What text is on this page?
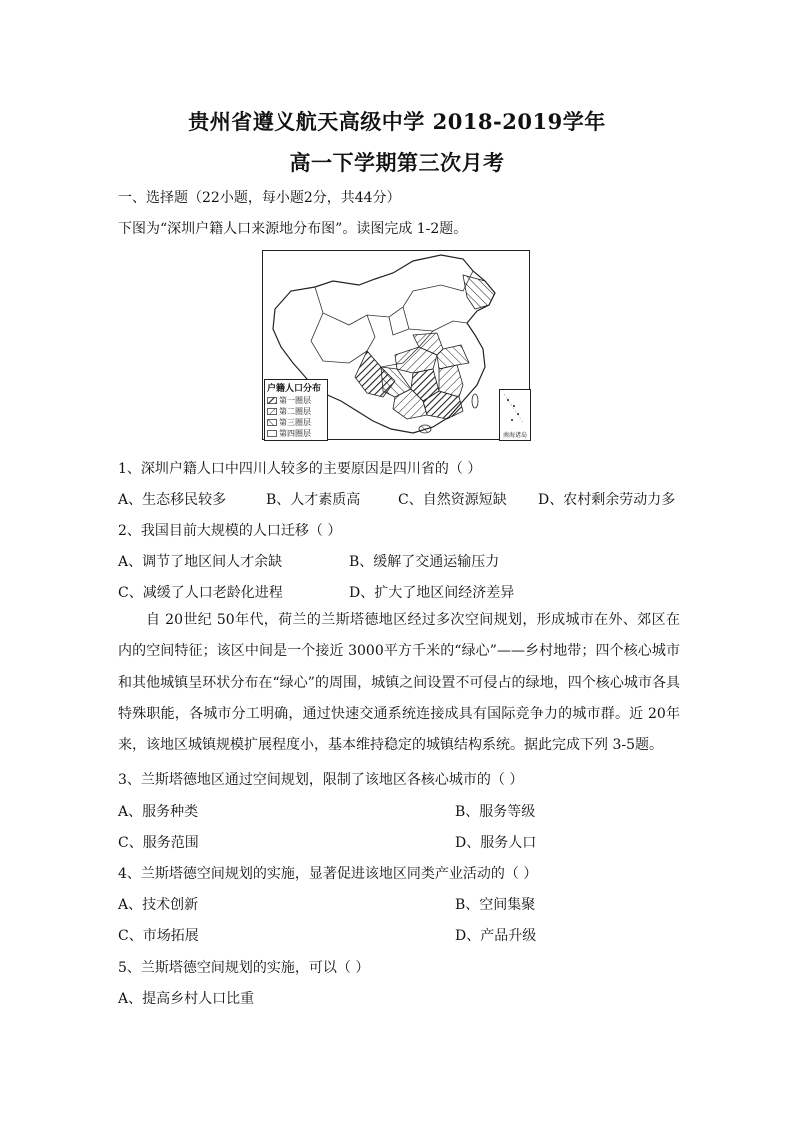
贵州省遵义航天高级中学 2018-2019学年
高一下学期第三次月考
一、选择题（22小题，每小题2分，共44分）
下图为“深圳户籍人口来源地分布图”。读图完成 1-2题。
户籍人口分布
第一圈层
第二圈层
第三圈层
第四圈层	南海诸岛
1、深圳户籍人口中四川人较多的主要原因是四川省的（ ）
A、生态移民较多	B、人才素质高	C、自然资源短缺 D、农村剩余劳动力多
2、我国目前大规模的人口迁移（ ）
A、调节了地区间人才余缺	B、缓解了交通运输压力
C、减缓了人口老龄化进程	D、扩大了地区间经济差异
自 20世纪 50年代，荷兰的兰斯塔德地区经过多次空间规划，形成城市在外、郊区在内的空间特征；该区中间是一个接近 3000平方千米的“绿心”——乡村地带；四个核心城市和其他城镇呈环状分布在“绿心”的周围，城镇之间设置不可侵占的绿地，四个核心城市各具特殊职能，各城市分工明确，通过快速交通系统连接成具有国际竞争力的城市群。近 20年来，该地区城镇规模扩展程度小，基本维持稳定的城镇结构系统。据此完成下列 3-5题。
3、兰斯塔德地区通过空间规划，限制了该地区各核心城市的（ ）
A、服务种类	B、服务等级
C、服务范围	D、服务人口
4、兰斯塔德空间规划的实施，显著促进该地区同类产业活动的（ ）
A、技术创新	B、空间集聚
C、市场拓展	D、产品升级
5、兰斯塔德空间规划的实施，可以（ ）
A、提高乡村人口比重
